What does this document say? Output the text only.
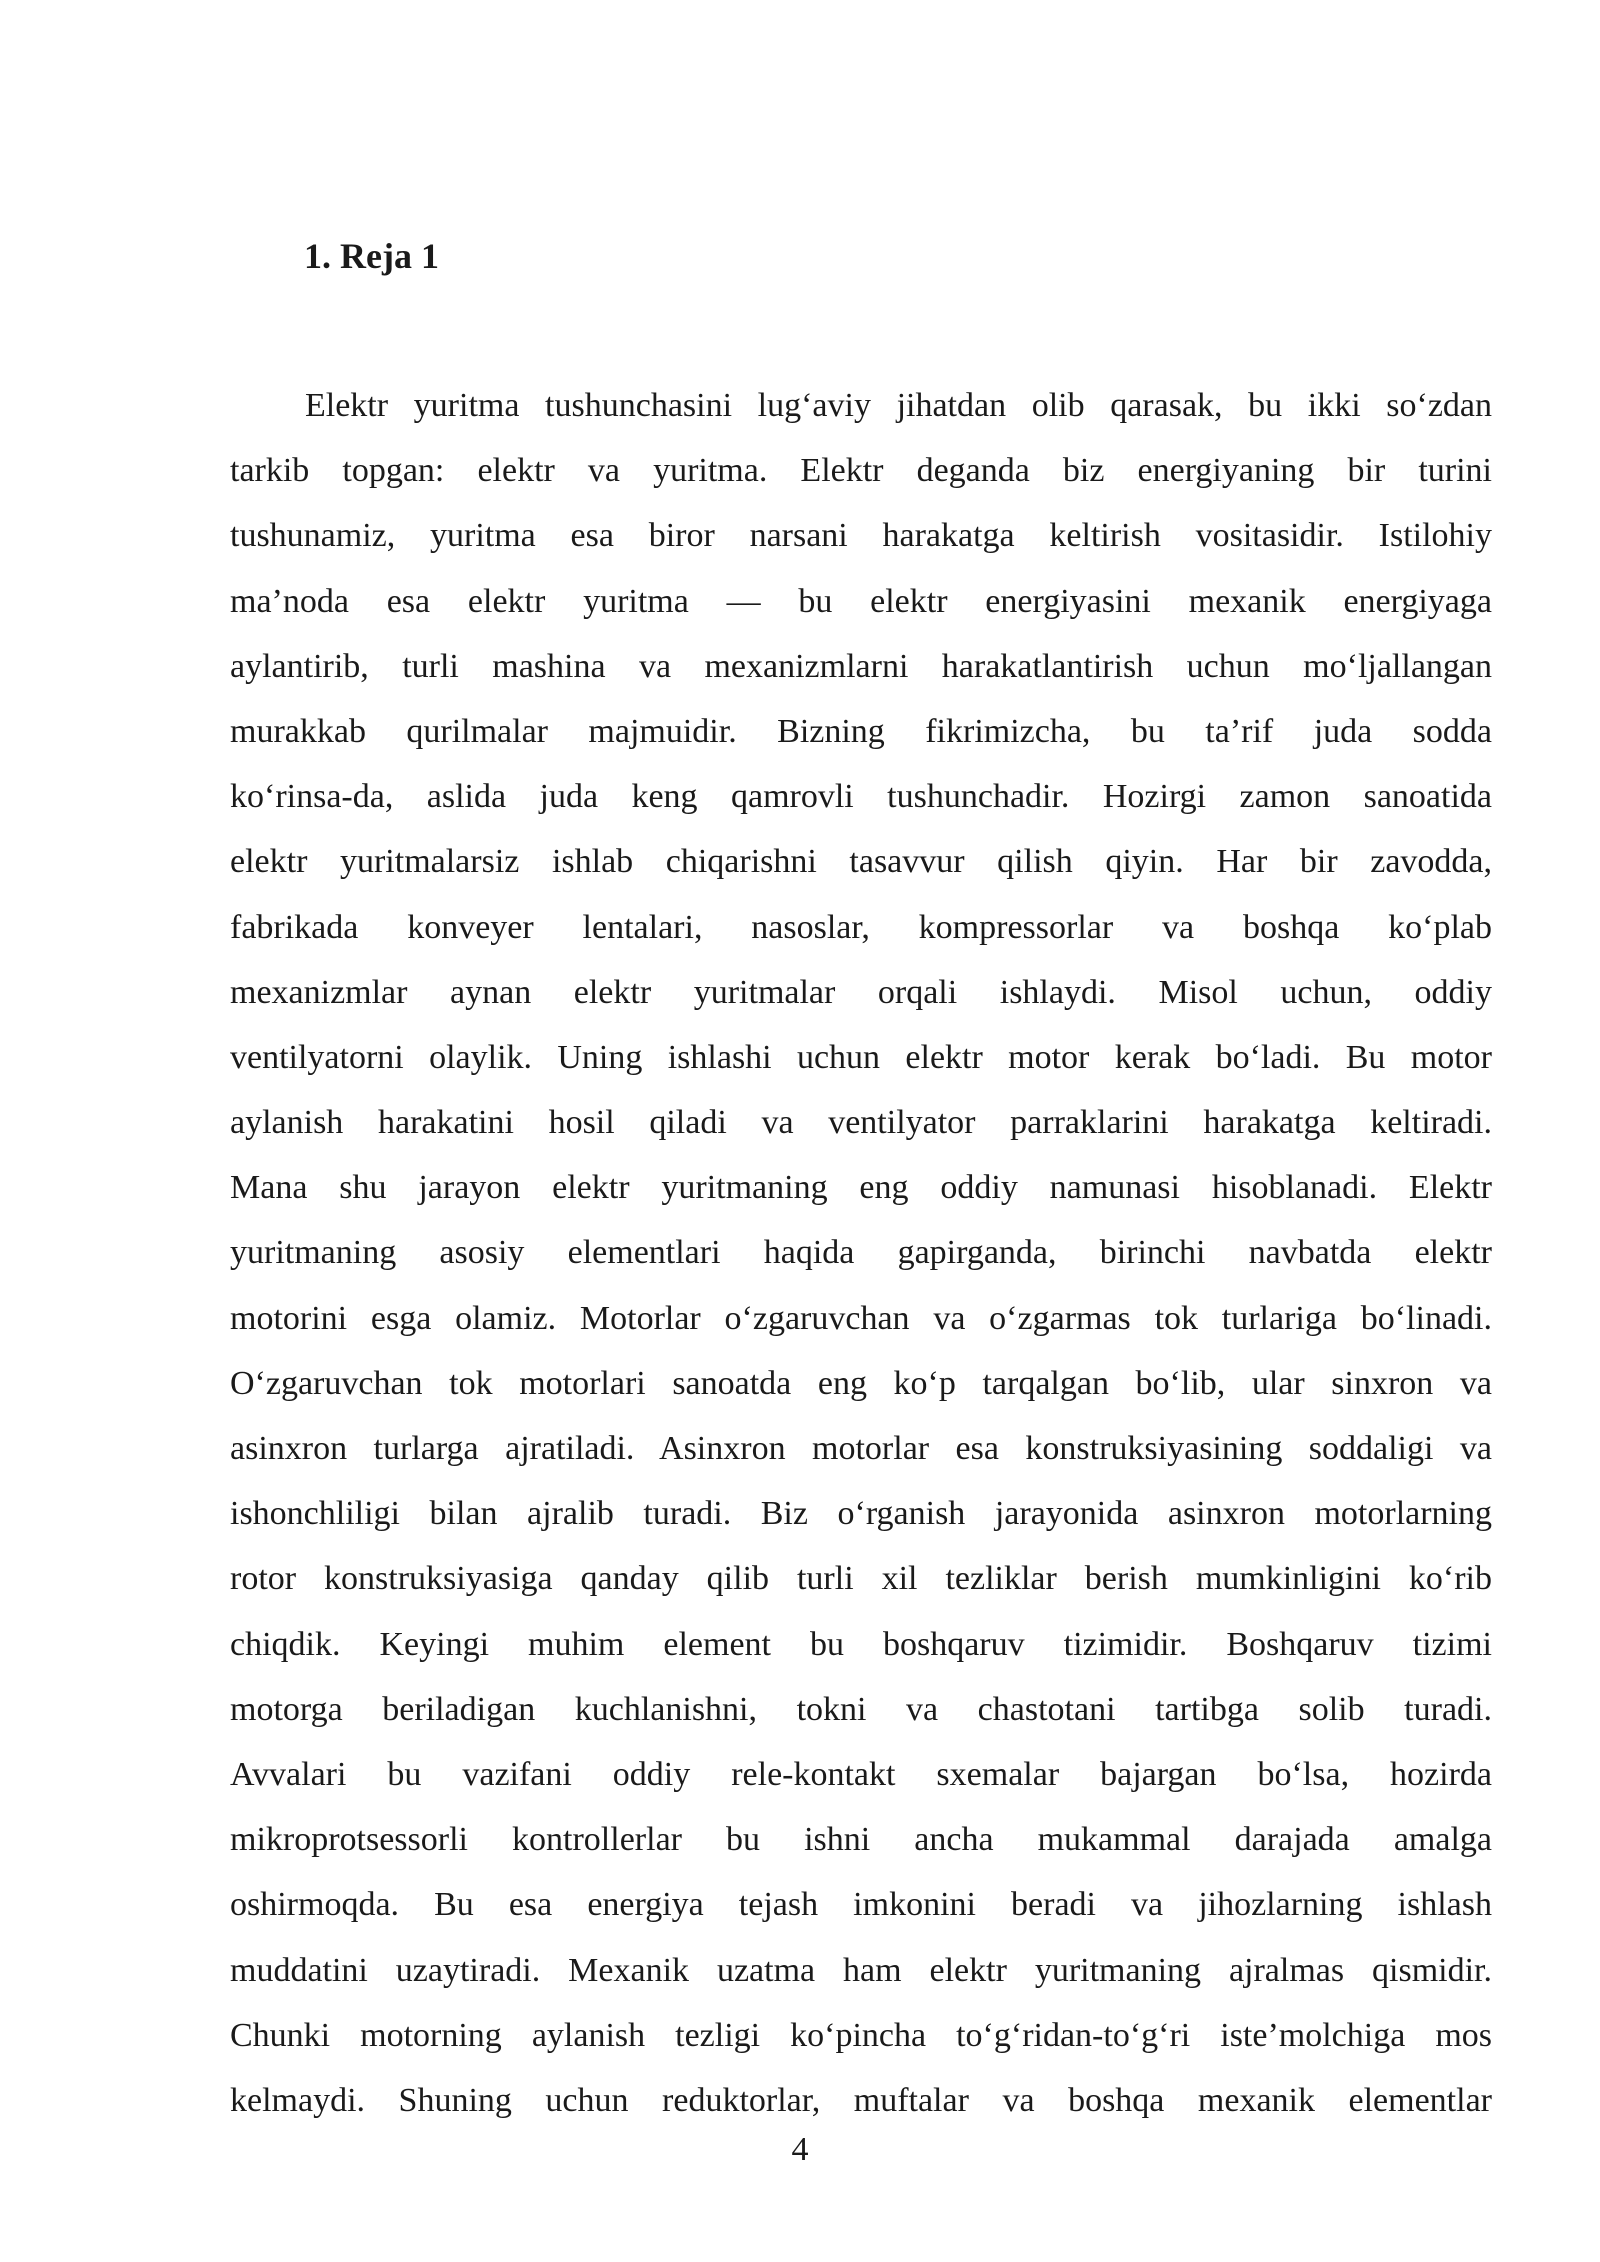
1. Reja 1
Elektr yuritma tushunchasini lug‘aviy jihatdan olib qarasak, bu ikki so‘zdan
tarkib topgan: elektr va yuritma. Elektr deganda biz energiyaning bir turini
tushunamiz, yuritma esa biror narsani harakatga keltirish vositasidir. Istilohiy
ma’noda esa elektr yuritma — bu elektr energiyasini mexanik energiyaga
aylantirib, turli mashina va mexanizmlarni harakatlantirish uchun mo‘ljallangan
murakkab qurilmalar majmuidir. Bizning fikrimizcha, bu ta’rif juda sodda
ko‘rinsa-da, aslida juda keng qamrovli tushunchadir. Hozirgi zamon sanoatida
elektr yuritmalarsiz ishlab chiqarishni tasavvur qilish qiyin. Har bir zavodda,
fabrikada konveyer lentalari, nasoslar, kompressorlar va boshqa ko‘plab
mexanizmlar aynan elektr yuritmalar orqali ishlaydi. Misol uchun, oddiy
ventilyatorni olaylik. Uning ishlashi uchun elektr motor kerak bo‘ladi. Bu motor
aylanish harakatini hosil qiladi va ventilyator parraklarini harakatga keltiradi.
Mana shu jarayon elektr yuritmaning eng oddiy namunasi hisoblanadi. Elektr
yuritmaning asosiy elementlari haqida gapirganda, birinchi navbatda elektr
motorini esga olamiz. Motorlar o‘zgaruvchan va o‘zgarmas tok turlariga bo‘linadi.
O‘zgaruvchan tok motorlari sanoatda eng ko‘p tarqalgan bo‘lib, ular sinxron va
asinxron turlarga ajratiladi. Asinxron motorlar esa konstruksiyasining soddaligi va
ishonchliligi bilan ajralib turadi. Biz o‘rganish jarayonida asinxron motorlarning
rotor konstruksiyasiga qanday qilib turli xil tezliklar berish mumkinligini ko‘rib
chiqdik. Keyingi muhim element bu boshqaruv tizimidir. Boshqaruv tizimi
motorga beriladigan kuchlanishni, tokni va chastotani tartibga solib turadi.
Avvalari bu vazifani oddiy rele-kontakt sxemalar bajargan bo‘lsa, hozirda
mikroprotsessorli kontrollerlar bu ishni ancha mukammal darajada amalga
oshirmoqda. Bu esa energiya tejash imkonini beradi va jihozlarning ishlash
muddatini uzaytiradi. Mexanik uzatma ham elektr yuritmaning ajralmas qismidir.
Chunki motorning aylanish tezligi ko‘pincha to‘g‘ridan-to‘g‘ri iste’molchiga mos
kelmaydi. Shuning uchun reduktorlar, muftalar va boshqa mexanik elementlar

4
